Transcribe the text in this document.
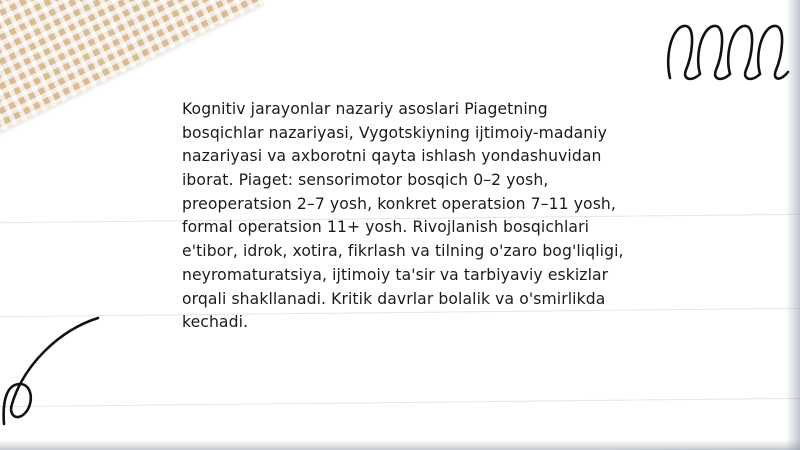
Kognitiv jarayonlar nazariy asoslari Piagetning bosqichlar nazariyasi, Vygotskiyning ijtimoiy-madaniy nazariyasi va axborotni qayta ishlash yondashuvidan iborat. Piaget: sensorimotor bosqich 0–2 yosh, preoperatsion 2–7 yosh, konkret operatsion 7–11 yosh, formal operatsion 11+ yosh. Rivojlanish bosqichlari e'tibor, idrok, xotira, fikrlash va tilning o'zaro bog'liqligi, neyromaturatsiya, ijtimoiy ta'sir va tarbiyaviy eskizlar orqali shakllanadi. Kritik davrlar bolalik va o'smirlikda kechadi.
